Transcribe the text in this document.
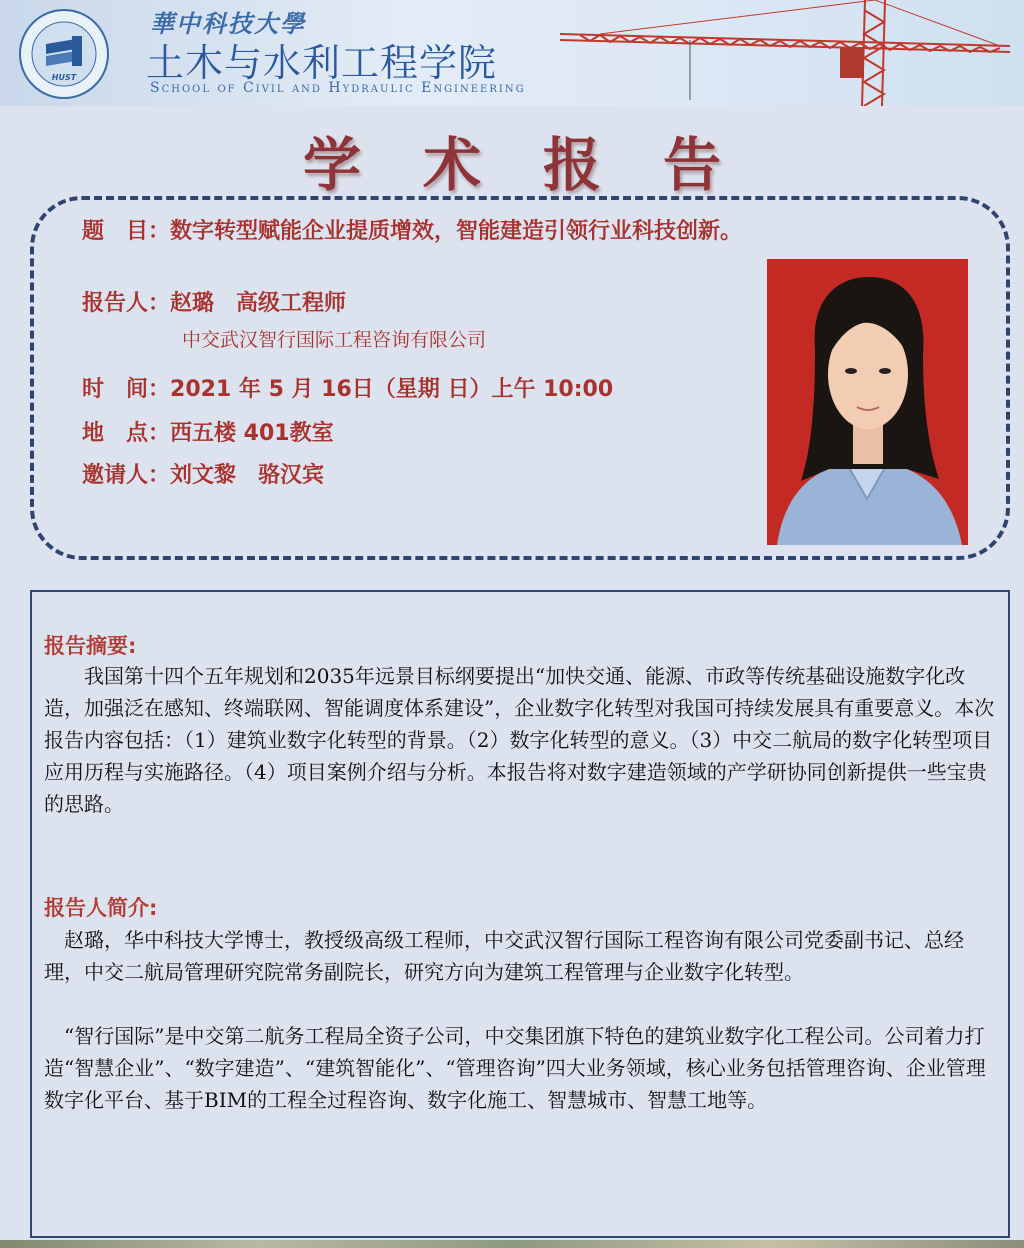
HUST
華中科技大學
土木与水利工程学院
School of Civil and Hydraulic Engineering
学术报告
题　目：数字转型赋能企业提质增效，智能建造引领行业科技创新。
报告人：赵璐　高级工程师
中交武汉智行国际工程咨询有限公司
时　间：2021 年 5 月 16日（星期 日）上午 10:00
地　点：西五楼 401教室
邀请人：刘文黎　骆汉宾
报告摘要:

　　我国第十四个五年规划和2035年远景目标纲要提出“加快交通、能源、市政等传统基础设施数字化改造，加强泛在感知、终端联网、智能调度体系建设”，企业数字化转型对我国可持续发展具有重要意义。本次报告内容包括：（1）建筑业数字化转型的背景。（2）数字化转型的意义。（3）中交二航局的数字化转型项目应用历程与实施路径。（4）项目案例介绍与分析。本报告将对数字建造领域的产学研协同创新提供一些宝贵的思路。

报告人简介:

　赵璐，华中科技大学博士，教授级高级工程师，中交武汉智行国际工程咨询有限公司党委副书记、总经理，中交二航局管理研究院常务副院长，研究方向为建筑工程管理与企业数字化转型。

　“智行国际”是中交第二航务工程局全资子公司，中交集团旗下特色的建筑业数字化工程公司。公司着力打造“智慧企业”、“数字建造”、“建筑智能化”、“管理咨询”四大业务领域，核心业务包括管理咨询、企业管理数字化平台、基于BIM的工程全过程咨询、数字化施工、智慧城市、智慧工地等。
